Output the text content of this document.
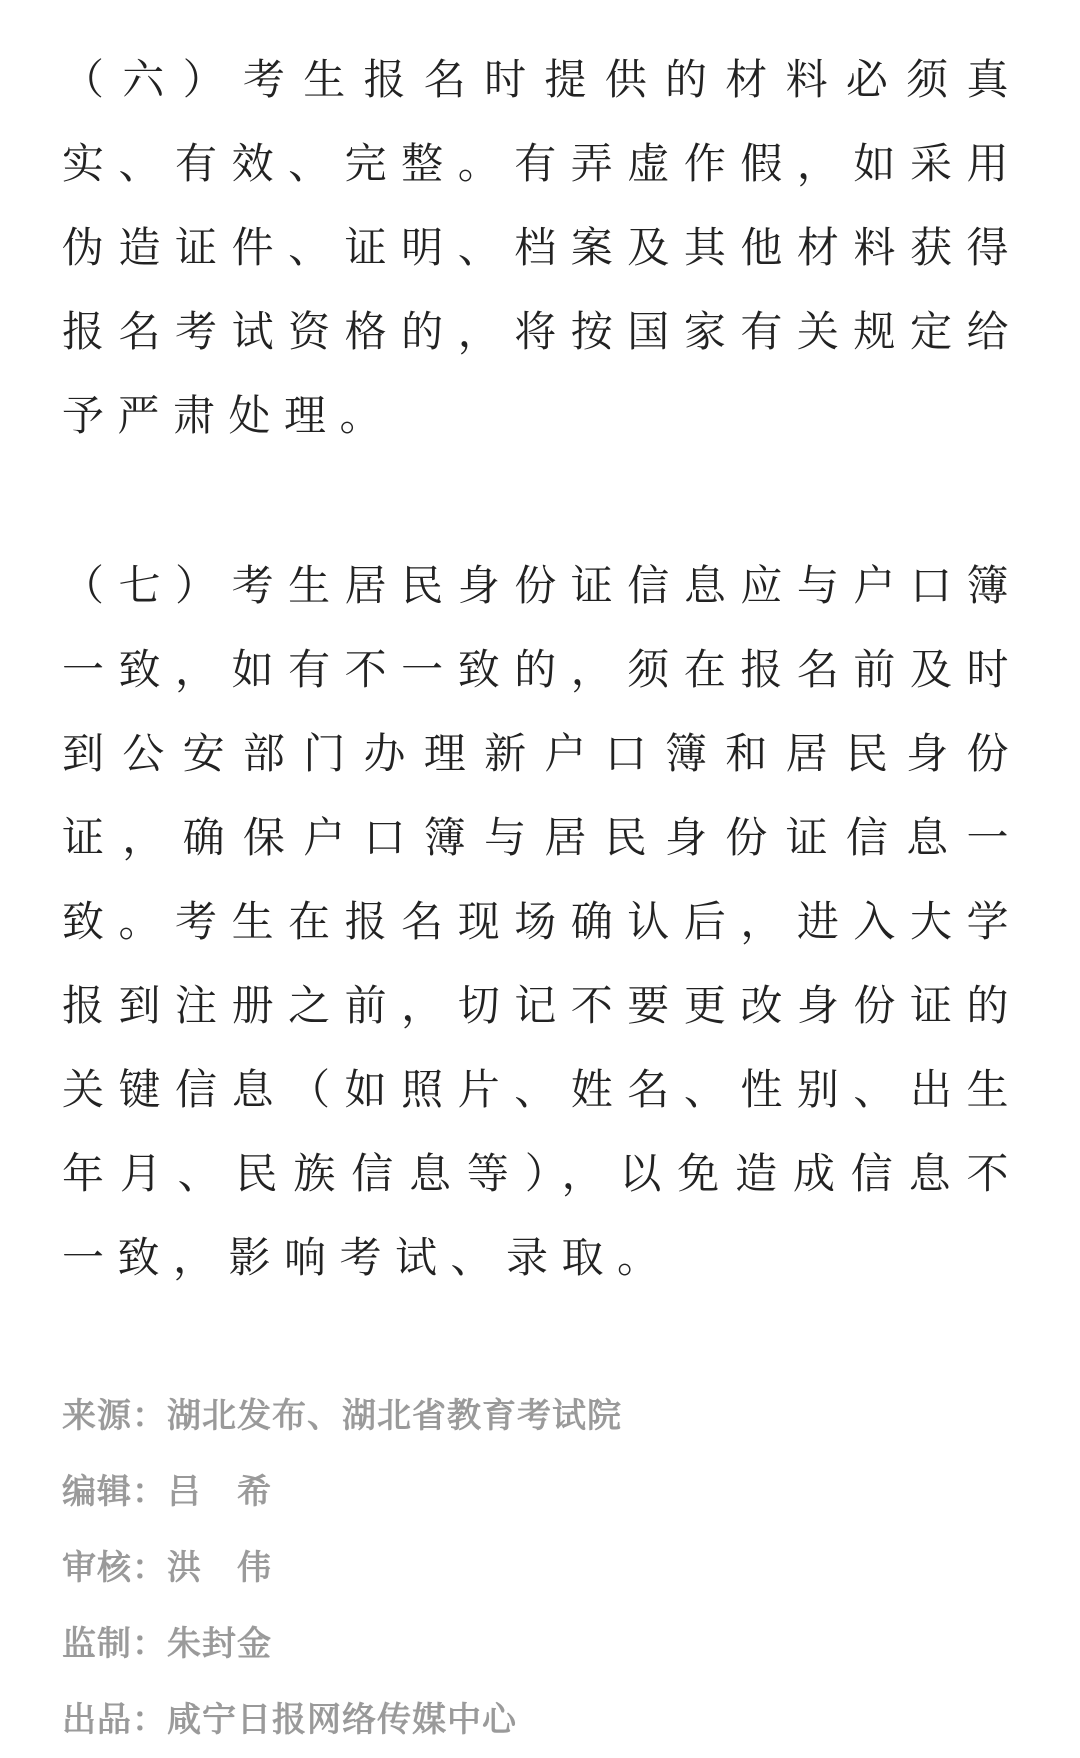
（六）考生报名时提供的材料必须真实、有效、完整。有弄虚作假，如采用伪造证件、证明、档案及其他材料获得报名考试资格的，将按国家有关规定给予严肃处理。

（七）考生居民身份证信息应与户口簿一致，如有不一致的，须在报名前及时到公安部门办理新户口簿和居民身份证，确保户口簿与居民身份证信息一致。考生在报名现场确认后，进入大学报到注册之前，切记不要更改身份证的关键信息（如照片、姓名、性别、出生年月、民族信息等），以免造成信息不一致，影响考试、录取。

来源：湖北发布、湖北省教育考试院

编辑：吕　希

审核：洪　伟

监制：朱封金

出品：咸宁日报网络传媒中心
